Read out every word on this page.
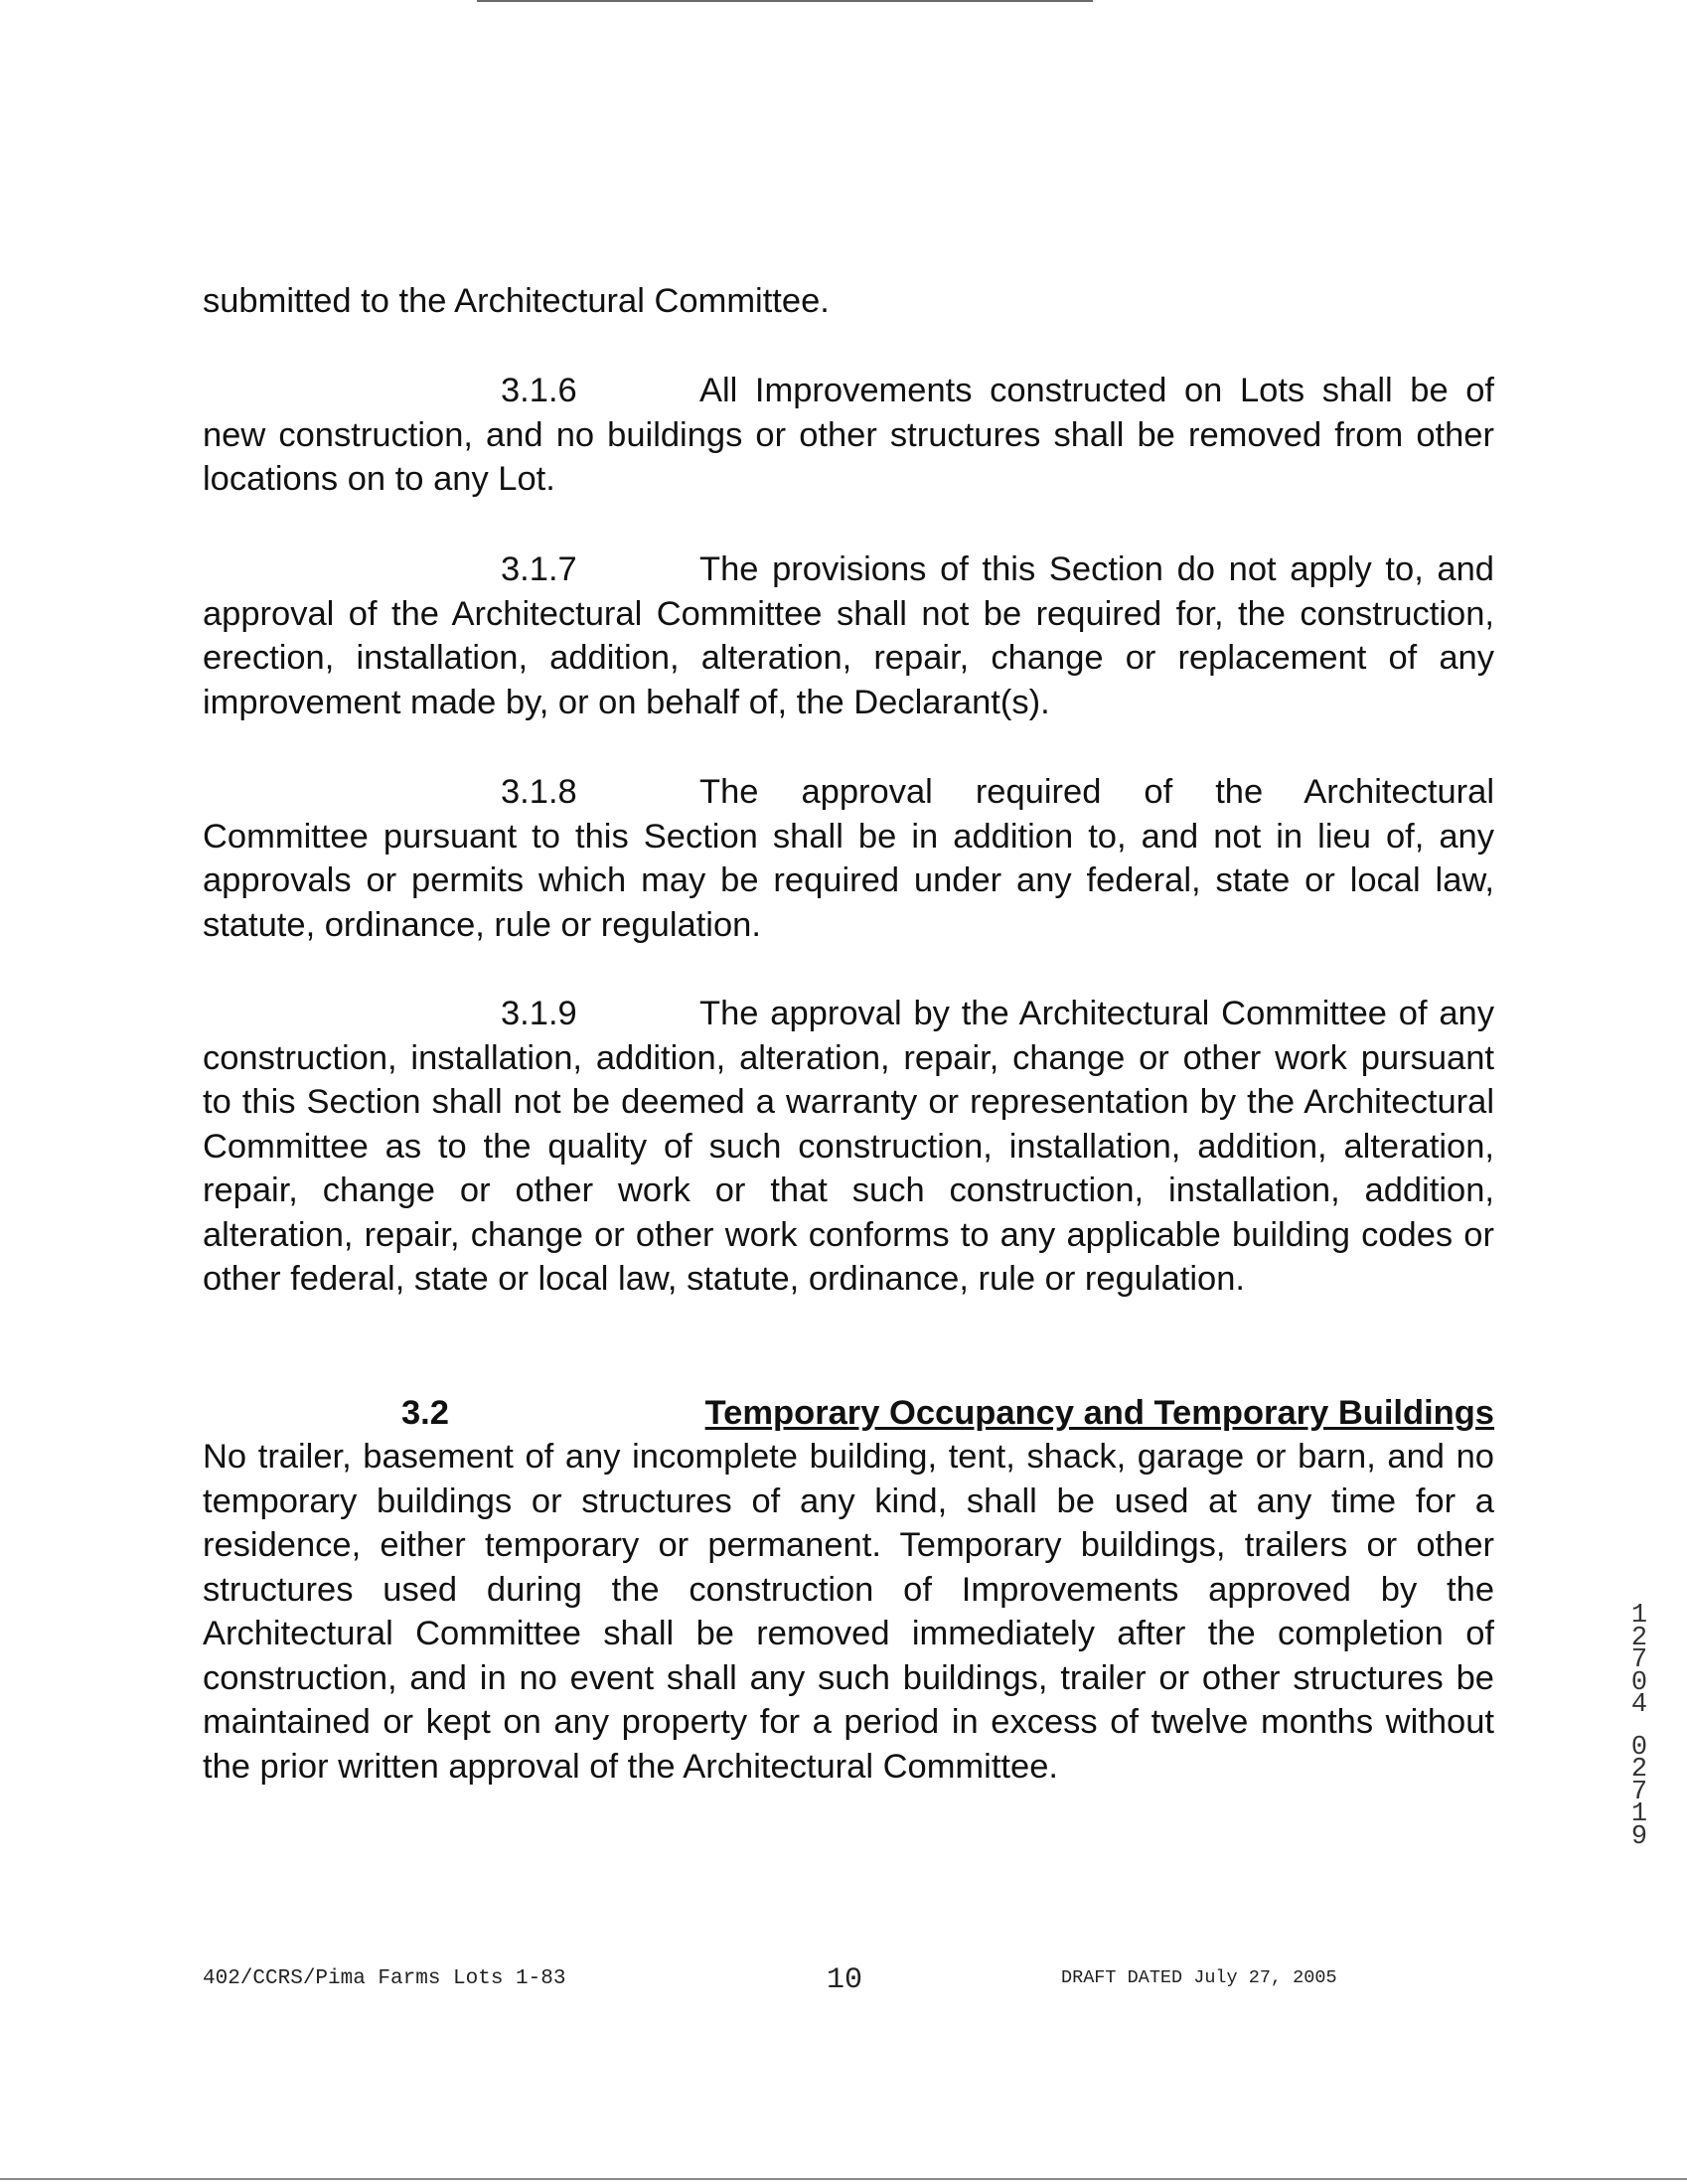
submitted to the Architectural Committee.

3.1.6	All Improvements constructed on Lots shall be of new construction, and no buildings or other structures shall be removed from other locations on to any Lot.

3.1.7	The provisions of this Section do not apply to, and approval of the Architectural Committee shall not be required for, the construction, erection, installation, addition, alteration, repair, change or replacement of any improvement made by, or on behalf of, the Declarant(s).

3.1.8	The approval required of the Architectural Committee pursuant to this Section shall be in addition to, and not in lieu of, any approvals or permits which may be required under any federal, state or local law, statute, ordinance, rule or regulation.

3.1.9	The approval by the Architectural Committee of any construction, installation, addition, alteration, repair, change or other work pursuant to this Section shall not be deemed a warranty or representation by the Architectural Committee as to the quality of such construction, installation, addition, alteration, repair, change or other work or that such construction, installation, addition, alteration, repair, change or other work conforms to any applicable building codes or other federal, state or local law, statute, ordinance, rule or regulation.

3.2	Temporary Occupancy and Temporary Buildings

No trailer, basement of any incomplete building, tent, shack, garage or barn, and no temporary buildings or structures of any kind, shall be used at any time for a residence, either temporary or permanent. Temporary buildings, trailers or other structures used during the construction of Improvements approved by the Architectural Committee shall be removed immediately after the completion of construction, and in no event shall any such buildings, trailer or other structures be maintained or kept on any property for a period in excess of twelve months without the prior written approval of the Architectural Committee.

402/CCRS/Pima Farms Lots 1-83	10	DRAFT DATED July 27, 2005
1
2
7
0
4
0
2
7
1
9
